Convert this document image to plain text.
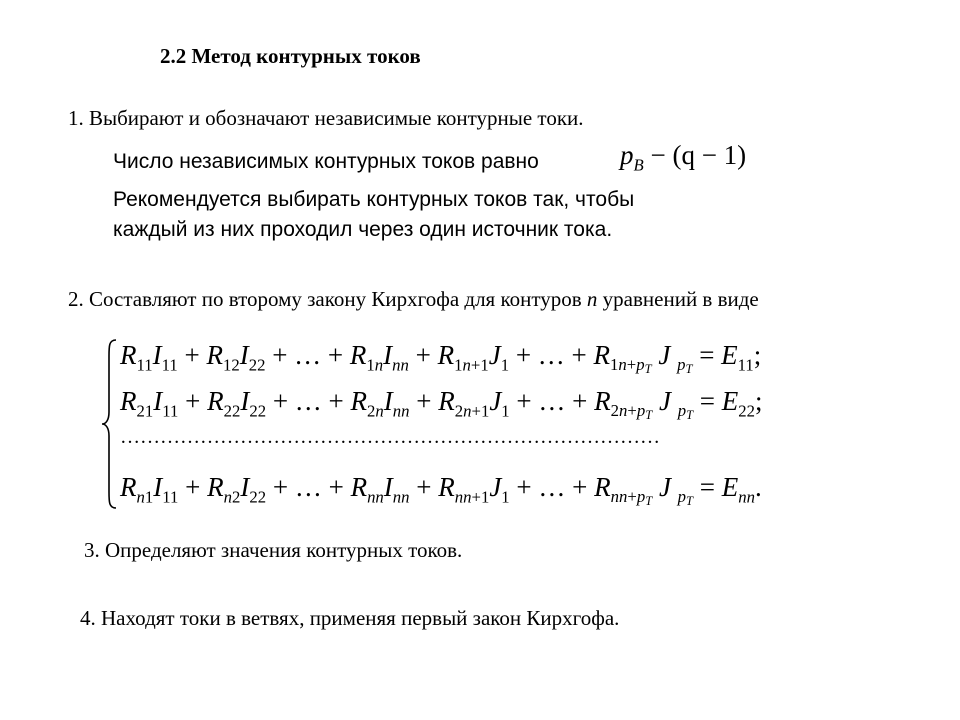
2.2 Метод контурных токов
1. Выбирают и обозначают независимые контурные токи.
Число независимых контурных токов равно	$p_B - (q - 1)$
Рекомендуется выбирать контурных токов так, чтобы
каждый из них проходил через один источник тока.
2. Составляют по второму закону Кирхгофа для контуров n уравнений в виде
$R_{11}I_{11} + R_{12}I_{22}$ + … + $R_{1n}I_{nn} + R_{1n+1}J_1$ + … + $R_{1n+pT}$ J $_{pT} = E_{11}$;
$R_{21}I_{11} + R_{22}I_{22}$ + … + $R_{2n}I_{nn} + R_{2n+1}J_1$ + … + $R_{2n+pT}$ J $_{pT} = E_{22}$;
………………………………………………………………………
$R_{n1}I_{11} + R_{n2}I_{22}$ + … + $R_{nn}I_{nn} + R_{nn+1}J_1$ + … + $R_{nn+pT}$ J $_{pT} = E_{nn}$.
3. Определяют значения контурных токов.
4. Находят токи в ветвях, применяя первый закон Кирхгофа.
